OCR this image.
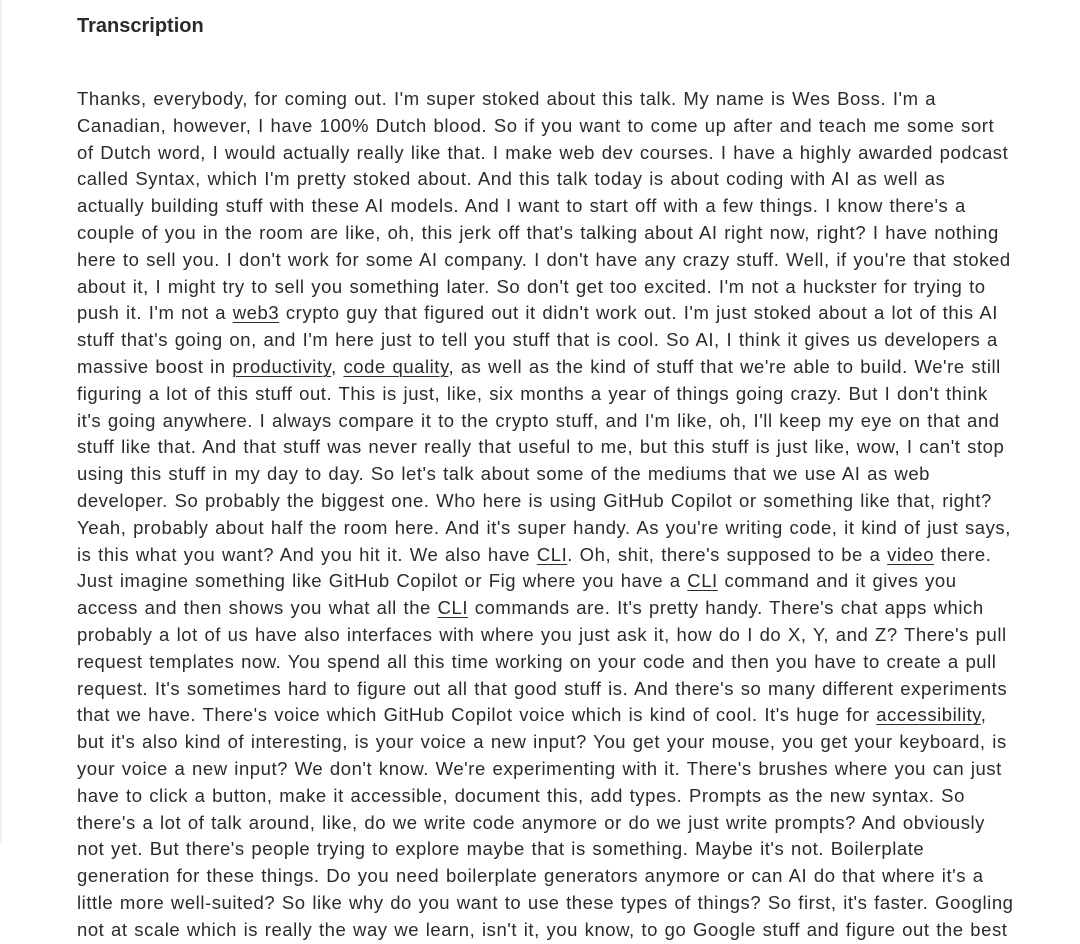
Transcription

Thanks, everybody, for coming out. I'm super stoked about this talk. My name is Wes Boss. I'm a Canadian, however, I have 100% Dutch blood. So if you want to come up after and teach me some sort of Dutch word, I would actually really like that. I make web dev courses. I have a highly awarded podcast called Syntax, which I'm pretty stoked about. And this talk today is about coding with AI as well as actually building stuff with these AI models. And I want to start off with a few things. I know there's a couple of you in the room are like, oh, this jerk off that's talking about AI right now, right? I have nothing here to sell you. I don't work for some AI company. I don't have any crazy stuff. Well, if you're that stoked about it, I might try to sell you something later. So don't get too excited. I'm not a huckster for trying to push it. I'm not a web3 crypto guy that figured out it didn't work out. I'm just stoked about a lot of this AI stuff that's going on, and I'm here just to tell you stuff that is cool. So AI, I think it gives us developers a massive boost in productivity, code quality, as well as the kind of stuff that we're able to build. We're still figuring a lot of this stuff out. This is just, like, six months a year of things going crazy. But I don't think it's going anywhere. I always compare it to the crypto stuff, and I'm like, oh, I'll keep my eye on that and stuff like that. And that stuff was never really that useful to me, but this stuff is just like, wow, I can't stop using this stuff in my day to day. So let's talk about some of the mediums that we use AI as web developer. So probably the biggest one. Who here is using GitHub Copilot or something like that, right? Yeah, probably about half the room here. And it's super handy. As you're writing code, it kind of just says, is this what you want? And you hit it. We also have CLI. Oh, shit, there's supposed to be a video there. Just imagine something like GitHub Copilot or Fig where you have a CLI command and it gives you access and then shows you what all the CLI commands are. It's pretty handy. There's chat apps which probably a lot of us have also interfaces with where you just ask it, how do I do X, Y, and Z? There's pull request templates now. You spend all this time working on your code and then you have to create a pull request. It's sometimes hard to figure out all that good stuff is. And there's so many different experiments that we have. There's voice which GitHub Copilot voice which is kind of cool. It's huge for accessibility, but it's also kind of interesting, is your voice a new input? You get your mouse, you get your keyboard, is your voice a new input? We don't know. We're experimenting with it. There's brushes where you can just have to click a button, make it accessible, document this, add types. Prompts as the new syntax. So there's a lot of talk around, like, do we write code anymore or do we just write prompts? And obviously not yet. But there's people trying to explore maybe that is something. Maybe it's not. Boilerplate generation for these things. Do you need boilerplate generators anymore or can AI do that where it's a little more well-suited? So like why do you want to use these types of things? So first, it's faster. Googling not at scale which is really the way we learn, isn't it, you know, to go Google stuff and figure out the best
